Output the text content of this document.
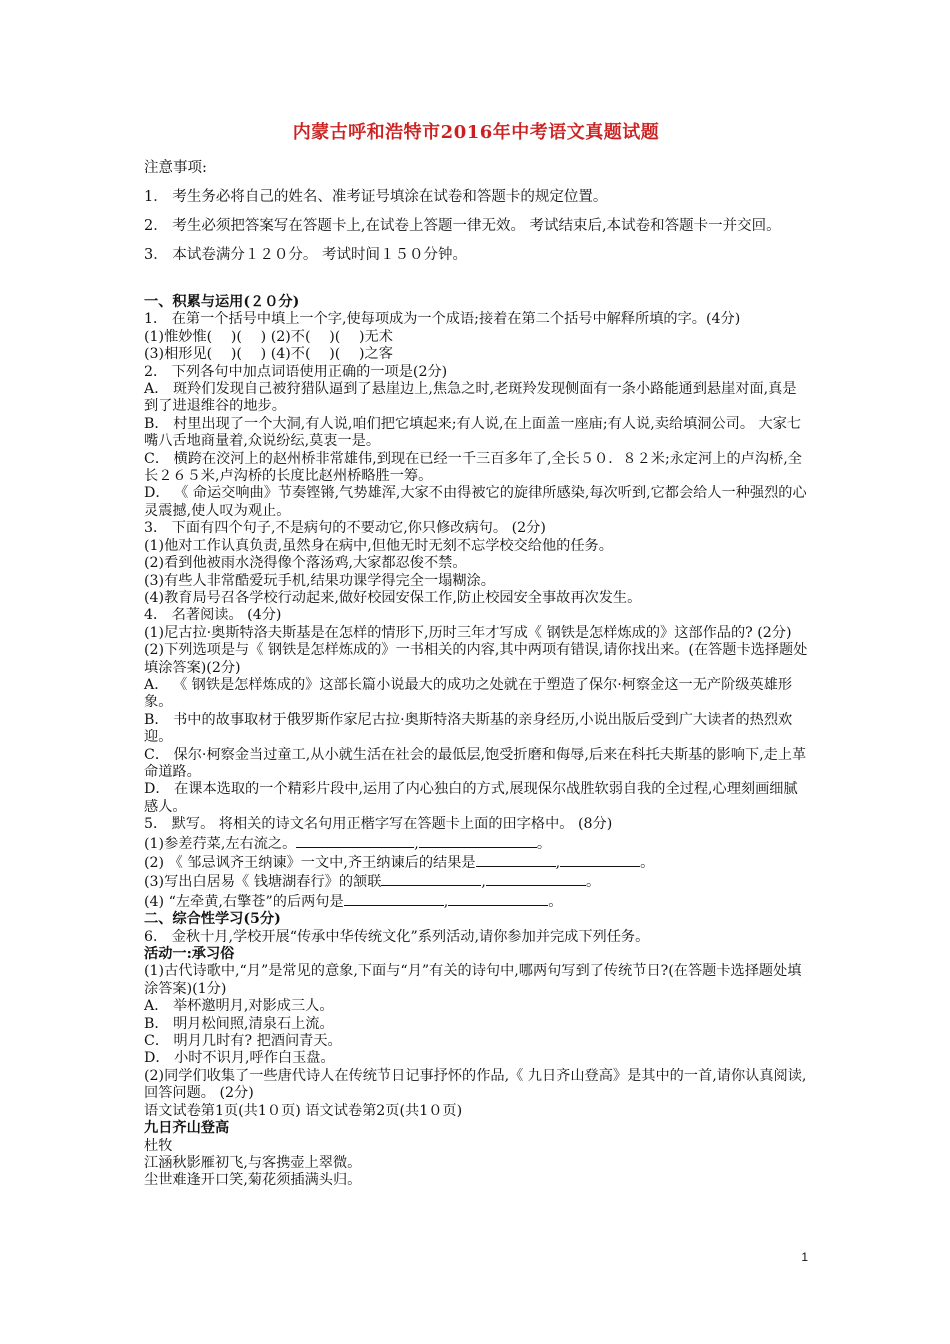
内蒙古呼和浩特市2016年中考语文真题试题

注意事项:

1． 考生务必将自己的姓名、准考证号填涂在试卷和答题卡的规定位置。

2． 考生必须把答案写在答题卡上,在试卷上答题一律无效。 考试结束后,本试卷和答题卡一并交回。

3． 本试卷满分１２０分。 考试时间１５０分钟。

一、积累与运用(２０分)

1． 在第一个括号中填上一个字,使每项成为一个成语;接着在第二个括号中解释所填的字。(4分)

(1)惟妙惟(　 )(　 ) (2)不(　 )(　 )无术

(3)相形见(　 )(　 ) (4)不(　 )(　 )之客

2． 下列各句中加点词语使用正确的一项是(2分)

A． 斑羚们发现自己被狩猎队逼到了悬崖边上,焦急之时,老斑羚发现侧面有一条小路能通到悬崖对面,真是到了进退维谷的地步。

B． 村里出现了一个大洞,有人说,咱们把它填起来;有人说,在上面盖一座庙;有人说,卖给填洞公司。 大家七嘴八舌地商量着,众说纷纭,莫衷一是。

C． 横跨在洨河上的赵州桥非常雄伟,到现在已经一千三百多年了,全长５０．８２米;永定河上的卢沟桥,全长２６５米,卢沟桥的长度比赵州桥略胜一筹。

D． 《 命运交响曲》节奏铿锵,气势雄浑,大家不由得被它的旋律所感染,每次听到,它都会给人一种强烈的心灵震撼,使人叹为观止。

3． 下面有四个句子,不是病句的不要动它,你只修改病句。 (2分)

(1)他对工作认真负责,虽然身在病中,但他无时无刻不忘学校交给他的任务。

(2)看到他被雨水浇得像个落汤鸡,大家都忍俊不禁。

(3)有些人非常酷爱玩手机,结果功课学得完全一塌糊涂。

(4)教育局号召各学校行动起来,做好校园安保工作,防止校园安全事故再次发生。

4． 名著阅读。 (4分)

(1)尼古拉·奥斯特洛夫斯基是在怎样的情形下,历时三年才写成《 钢铁是怎样炼成的》这部作品的? (2分)

(2)下列选项是与《 钢铁是怎样炼成的》一书相关的内容,其中两项有错误,请你找出来。(在答题卡选择题处填涂答案)(2分)

A． 《 钢铁是怎样炼成的》这部长篇小说最大的成功之处就在于塑造了保尔·柯察金这一无产阶级英雄形象。

B． 书中的故事取材于俄罗斯作家尼古拉·奥斯特洛夫斯基的亲身经历,小说出版后受到广大读者的热烈欢迎。

C． 保尔·柯察金当过童工,从小就生活在社会的最低层,饱受折磨和侮辱,后来在科托夫斯基的影响下,走上革命道路。

D． 在课本选取的一个精彩片段中,运用了内心独白的方式,展现保尔战胜软弱自我的全过程,心理刻画细腻感人。

5． 默写。 将相关的诗文名句用正楷字写在答题卡上面的田字格中。 (8分)

(1)参差荇菜,左右流之。	,	。

(2) 《 邹忌讽齐王纳谏》一文中,齐王纳谏后的结果是	,	。

(3)写出白居易《 钱塘湖春行》的颔联	,	。

(4) “左牵黄,右擎苍”的后两句是	,	。

二、综合性学习(5分)

6． 金秋十月,学校开展“传承中华传统文化”系列活动,请你参加并完成下列任务。

活动一:承习俗

(1)古代诗歌中,“月”是常见的意象,下面与“月”有关的诗句中,哪两句写到了传统节日?(在答题卡选择题处填涂答案)(1分)

A． 举杯邀明月,对影成三人。

B． 明月松间照,清泉石上流。

C． 明月几时有? 把酒问青天。

D． 小时不识月,呼作白玉盘。

(2)同学们收集了一些唐代诗人在传统节日记事抒怀的作品,《 九日齐山登高》是其中的一首,请你认真阅读,回答问题。 (2分)

语文试卷第1页(共1０页) 语文试卷第2页(共1０页)

九日齐山登高

杜牧

江涵秋影雁初飞,与客携壶上翠微。

尘世难逢开口笑,菊花须插满头归。

1
